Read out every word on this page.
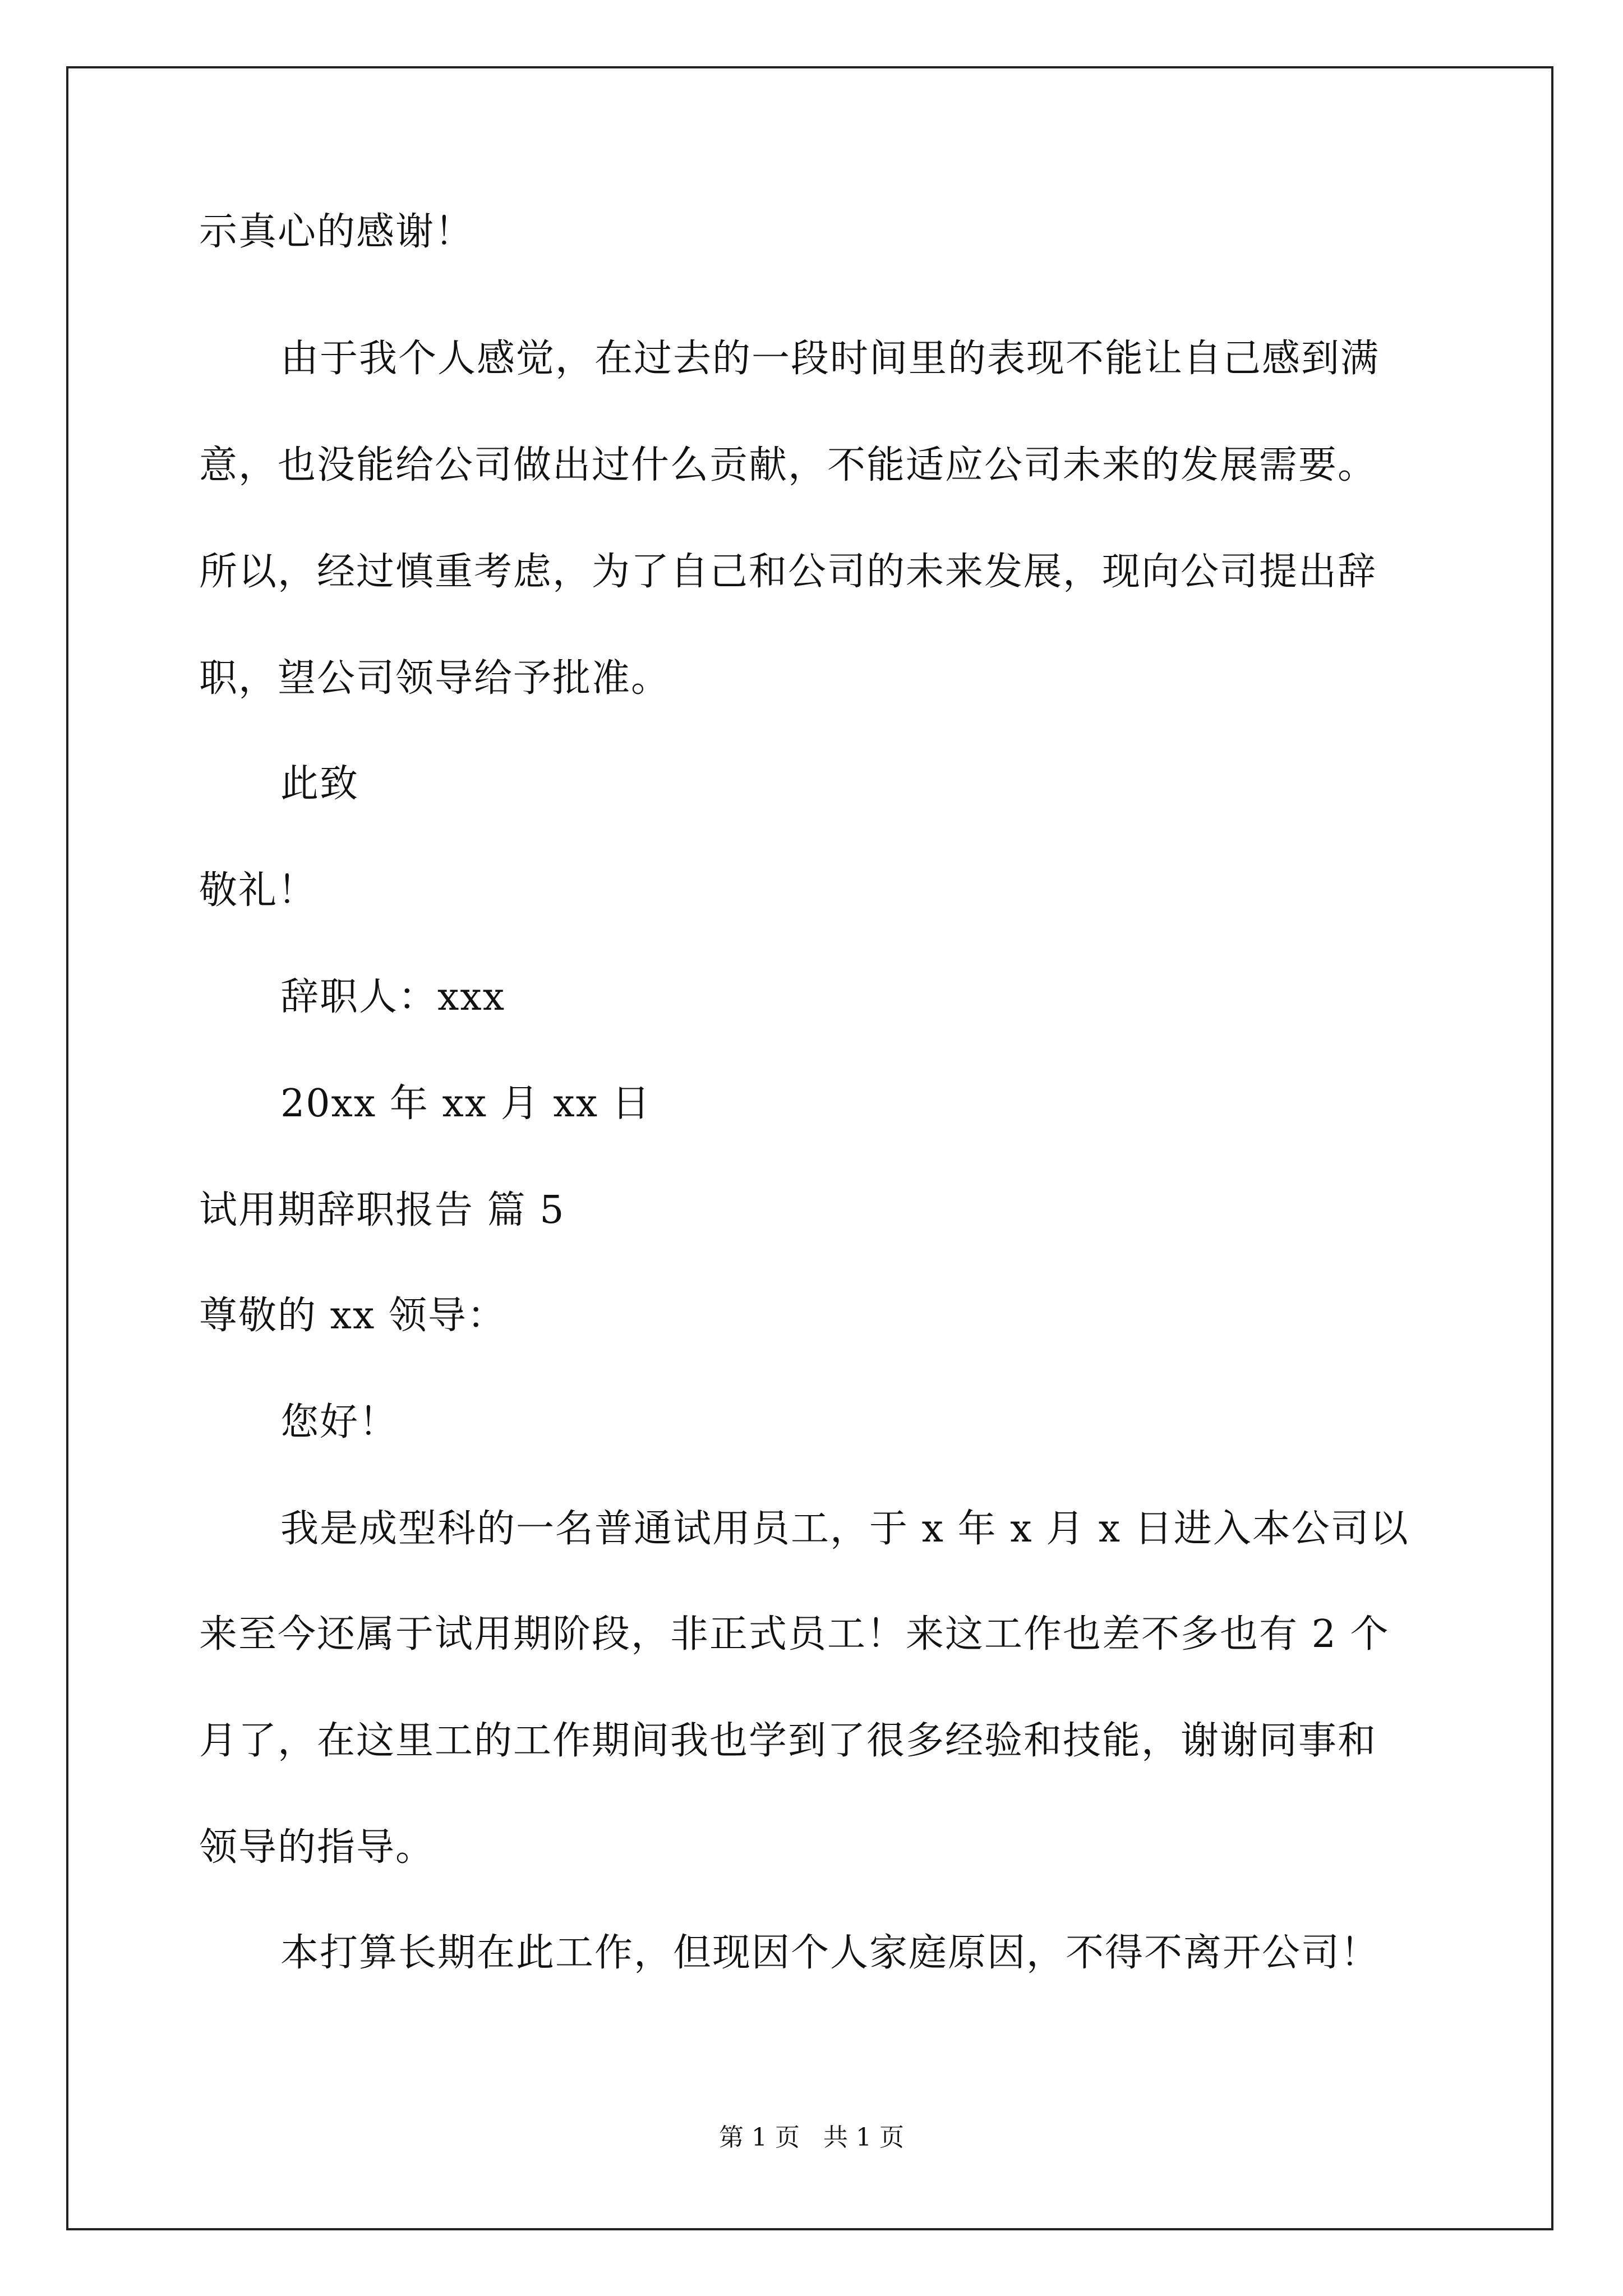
示真心的感谢！
由于我个人感觉，在过去的一段时间里的表现不能让自己感到满
意，也没能给公司做出过什么贡献，不能适应公司未来的发展需要。
所以，经过慎重考虑，为了自己和公司的未来发展，现向公司提出辞
职，望公司领导给予批准。
此致
敬礼！
辞职人：xxx
20xx 年 xx 月 xx 日
试用期辞职报告 篇 5
尊敬的 xx 领导：
您好！
我是成型科的一名普通试用员工，于 x 年 x 月 x 日进入本公司以
来至今还属于试用期阶段，非正式员工！来这工作也差不多也有 2 个
月了，在这里工的工作期间我也学到了很多经验和技能，谢谢同事和
领导的指导。
本打算长期在此工作，但现因个人家庭原因，不得不离开公司！
第 1 页   共 1 页
